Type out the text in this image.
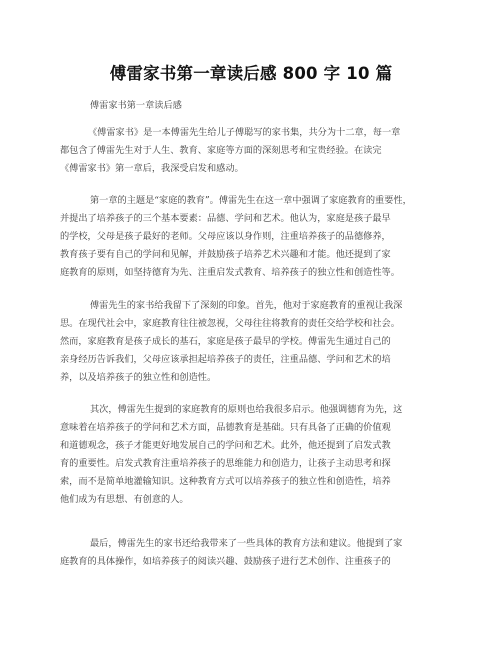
傅雷家书第一章读后感 800 字 10 篇
傅雷家书第一章读后感
《傅雷家书》是一本傅雷先生给儿子傅聪写的家书集，共分为十二章，每一章
都包含了傅雷先生对于人生、教育、家庭等方面的深刻思考和宝贵经验。在读完
《傅雷家书》第一章后，我深受启发和感动。
第一章的主题是“家庭的教育”。傅雷先生在这一章中强调了家庭教育的重要性，
并提出了培养孩子的三个基本要素：品德、学问和艺术。他认为，家庭是孩子最早
的学校，父母是孩子最好的老师。父母应该以身作则，注重培养孩子的品德修养，
教育孩子要有自己的学问和见解，并鼓励孩子培养艺术兴趣和才能。他还提到了家
庭教育的原则，如坚持德育为先、注重启发式教育、培养孩子的独立性和创造性等。
傅雷先生的家书给我留下了深刻的印象。首先，他对于家庭教育的重视让我深
思。在现代社会中，家庭教育往往被忽视，父母往往将教育的责任交给学校和社会。
然而，家庭教育是孩子成长的基石，家庭是孩子最早的学校。傅雷先生通过自己的
亲身经历告诉我们，父母应该承担起培养孩子的责任，注重品德、学问和艺术的培
养，以及培养孩子的独立性和创造性。
其次，傅雷先生提到的家庭教育的原则也给我很多启示。他强调德育为先，这
意味着在培养孩子的学问和艺术方面，品德教育是基础。只有具备了正确的价值观
和道德观念，孩子才能更好地发展自己的学问和艺术。此外，他还提到了启发式教
育的重要性。启发式教育注重培养孩子的思维能力和创造力，让孩子主动思考和探
索，而不是简单地灌输知识。这种教育方式可以培养孩子的独立性和创造性，培养
他们成为有思想、有创意的人。
最后，傅雷先生的家书还给我带来了一些具体的教育方法和建议。他提到了家
庭教育的具体操作，如培养孩子的阅读兴趣、鼓励孩子进行艺术创作、注重孩子的
